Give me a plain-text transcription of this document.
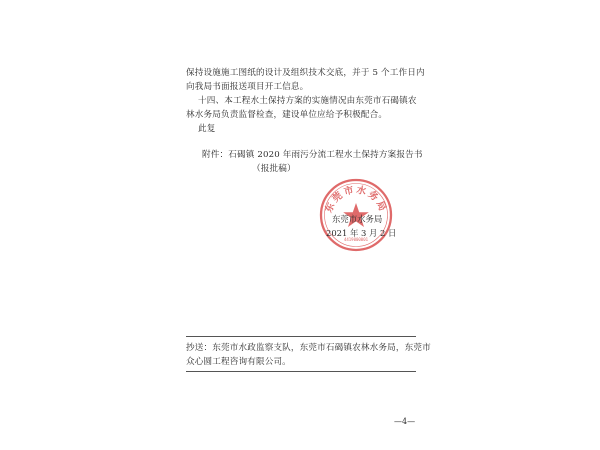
保持设施施工图纸的设计及组织技术交底，并于 5 个工作日内
向我局书面报送项目开工信息。
十四、本工程水土保持方案的实施情况由东莞市石碣镇农
林水务局负责监督检查，建设单位应给予积极配合。
此复
附件：石碣镇 2020 年雨污分流工程水土保持方案报告书
（报批稿）
东莞市水务局
4419000001
东莞市水务局
2021 年 3 月 2 日
抄送：东莞市水政监察支队，东莞市石碣镇农林水务局，东莞市
众心圆工程咨询有限公司。
—4—
